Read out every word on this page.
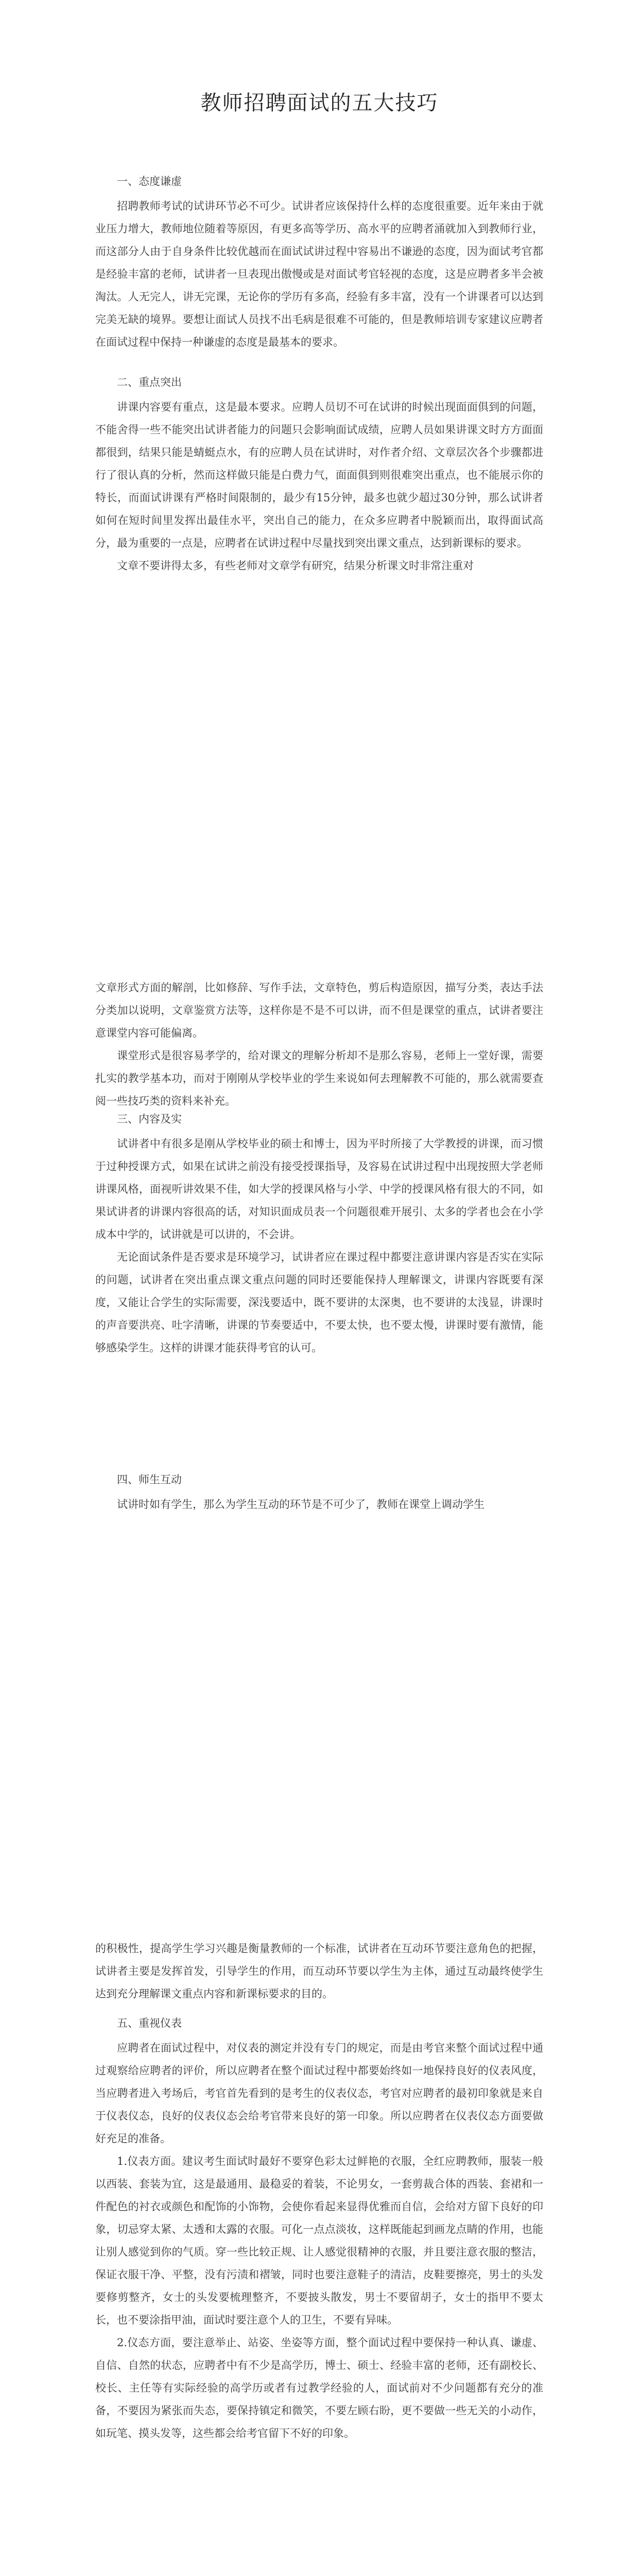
教师招聘面试的五大技巧
一、态度谦虚

招聘教师考试的试讲环节必不可少。试讲者应该保持什么样的态度很重要。近年来由于就业压力增大，教师地位随着等原因，有更多高等学历、高水平的应聘者涌就加入到教师行业，而这部分人由于自身条件比较优越而在面试试讲过程中容易出不谦逊的态度，因为面试考官都是经验丰富的老师，试讲者一旦表现出傲慢或是对面试考官轻视的态度，这是应聘者多半会被淘汰。人无完人，讲无完课，无论你的学历有多高，经验有多丰富，没有一个讲课者可以达到完美无缺的境界。要想让面试人员找不出毛病是很难不可能的，但是教师培训专家建议应聘者在面试过程中保持一种谦虚的态度是最基本的要求。

二、重点突出

讲课内容要有重点，这是最本要求。应聘人员切不可在试讲的时候出现面面俱到的问题，不能舍得一些不能突出试讲者能力的问题只会影响面试成绩，应聘人员如果讲课文时方方面面都很到，结果只能是蜻蜓点水，有的应聘人员在试讲时，对作者介绍、文章层次各个步骤都进行了很认真的分析，然而这样做只能是白费力气，面面俱到则很难突出重点，也不能展示你的特长，而面试讲课有严格时间限制的，最少有15分钟，最多也就少超过30分钟，那么试讲者如何在短时间里发挥出最佳水平，突出自己的能力，在众多应聘者中脱颖而出，取得面试高分，最为重要的一点是，应聘者在试讲过程中尽量找到突出课文重点，达到新课标的要求。

文章不要讲得太多，有些老师对文章学有研究，结果分析课文时非常注重对

文章形式方面的解剖，比如修辞、写作手法，文章特色，剪后构造原因，描写分类，表达手法分类加以说明，文章鉴赏方法等，这样你是不是不可以讲，而不但是课堂的重点，试讲者要注意课堂内容可能偏离。

课堂形式是很容易孝学的，给对课文的理解分析却不是那么容易，老师上一堂好课，需要扎实的教学基本功，而对于刚刚从学校毕业的学生来说如何去理解教不可能的，那么就需要查阅一些技巧类的资料来补充。

三、内容及实

试讲者中有很多是刚从学校毕业的硕士和博士，因为平时所接了大学教授的讲课，而习惯于过种授课方式，如果在试讲之前没有接受授课指导，及容易在试讲过程中出现按照大学老师讲课风格，面视听讲效果不佳，如大学的授课风格与小学、中学的授课风格有很大的不同，如果试讲者的讲课内容很高的话，对知识面成员表一个问题很难开展引、太多的学者也会在小学成本中学的，试讲就是可以讲的，不会讲。

无论面试条件是否要求是环境学习，试讲者应在课过程中都要注意讲课内容是否实在实际的问题，试讲者在突出重点课文重点问题的同时还要能保持人理解课文，讲课内容既要有深度，又能让合学生的实际需要，深浅要适中，既不要讲的太深奥，也不要讲的太浅显，讲课时的声音要洪亮、吐字清晰，讲课的节奏要适中，不要太快，也不要太慢，讲课时要有激情，能够感染学生。这样的讲课才能获得考官的认可。

四、师生互动

试讲时如有学生，那么为学生互动的环节是不可少了，教师在课堂上调动学生

的积极性，提高学生学习兴趣是衡量教师的一个标准，试讲者在互动环节要注意角色的把握，试讲者主要是发挥首发，引导学生的作用，而互动环节要以学生为主体，通过互动最终使学生达到充分理解课文重点内容和新课标要求的目的。

五、重视仪表

应聘者在面试过程中，对仪表的测定并没有专门的规定，而是由考官来整个面试过程中通过观察给应聘者的评价，所以应聘者在整个面试过程中都要始终如一地保持良好的仪表风度，当应聘者进入考场后，考官首先看到的是考生的仪表仪态，考官对应聘者的最初印象就是来自于仪表仪态，良好的仪表仪态会给考官带来良好的第一印象。所以应聘者在仪表仪态方面要做好充足的准备。

1.仪表方面。建议考生面试时最好不要穿色彩太过鲜艳的衣服，全红应聘教师，服装一般以西装、套装为宜，这是最通用、最稳妥的着装，不论男女，一套剪裁合体的西装、套裙和一件配色的衬衣或颜色和配饰的小饰物，会使你看起来显得优雅而自信，会给对方留下良好的印象，切忌穿太紧、太透和太露的衣服。可化一点点淡妆，这样既能起到画龙点睛的作用，也能让别人感觉到你的气质。穿一些比较正规、让人感觉很精神的衣服，并且要注意衣服的整洁，保证衣服干净、平整，没有污渍和褶皱，同时也要注意鞋子的清洁，皮鞋要擦亮，男士的头发要修剪整齐，女士的头发要梳理整齐，不要披头散发，男士不要留胡子，女士的指甲不要太长，也不要涂指甲油，面试时要注意个人的卫生，不要有异味。

2.仪态方面，要注意举止、站姿、坐姿等方面，整个面试过程中要保持一种认真、谦虚、自信、自然的状态，应聘者中有不少是高学历，博士、硕士、经验丰富的老师，还有副校长、校长、主任等有实际经验的高学历或者有过教学经验的人，面试前对不少问题都有充分的准备，不要因为紧张而失态，要保持镇定和微笑，不要左顾右盼，更不要做一些无关的小动作，如玩笔、摸头发等，这些都会给考官留下不好的印象。
